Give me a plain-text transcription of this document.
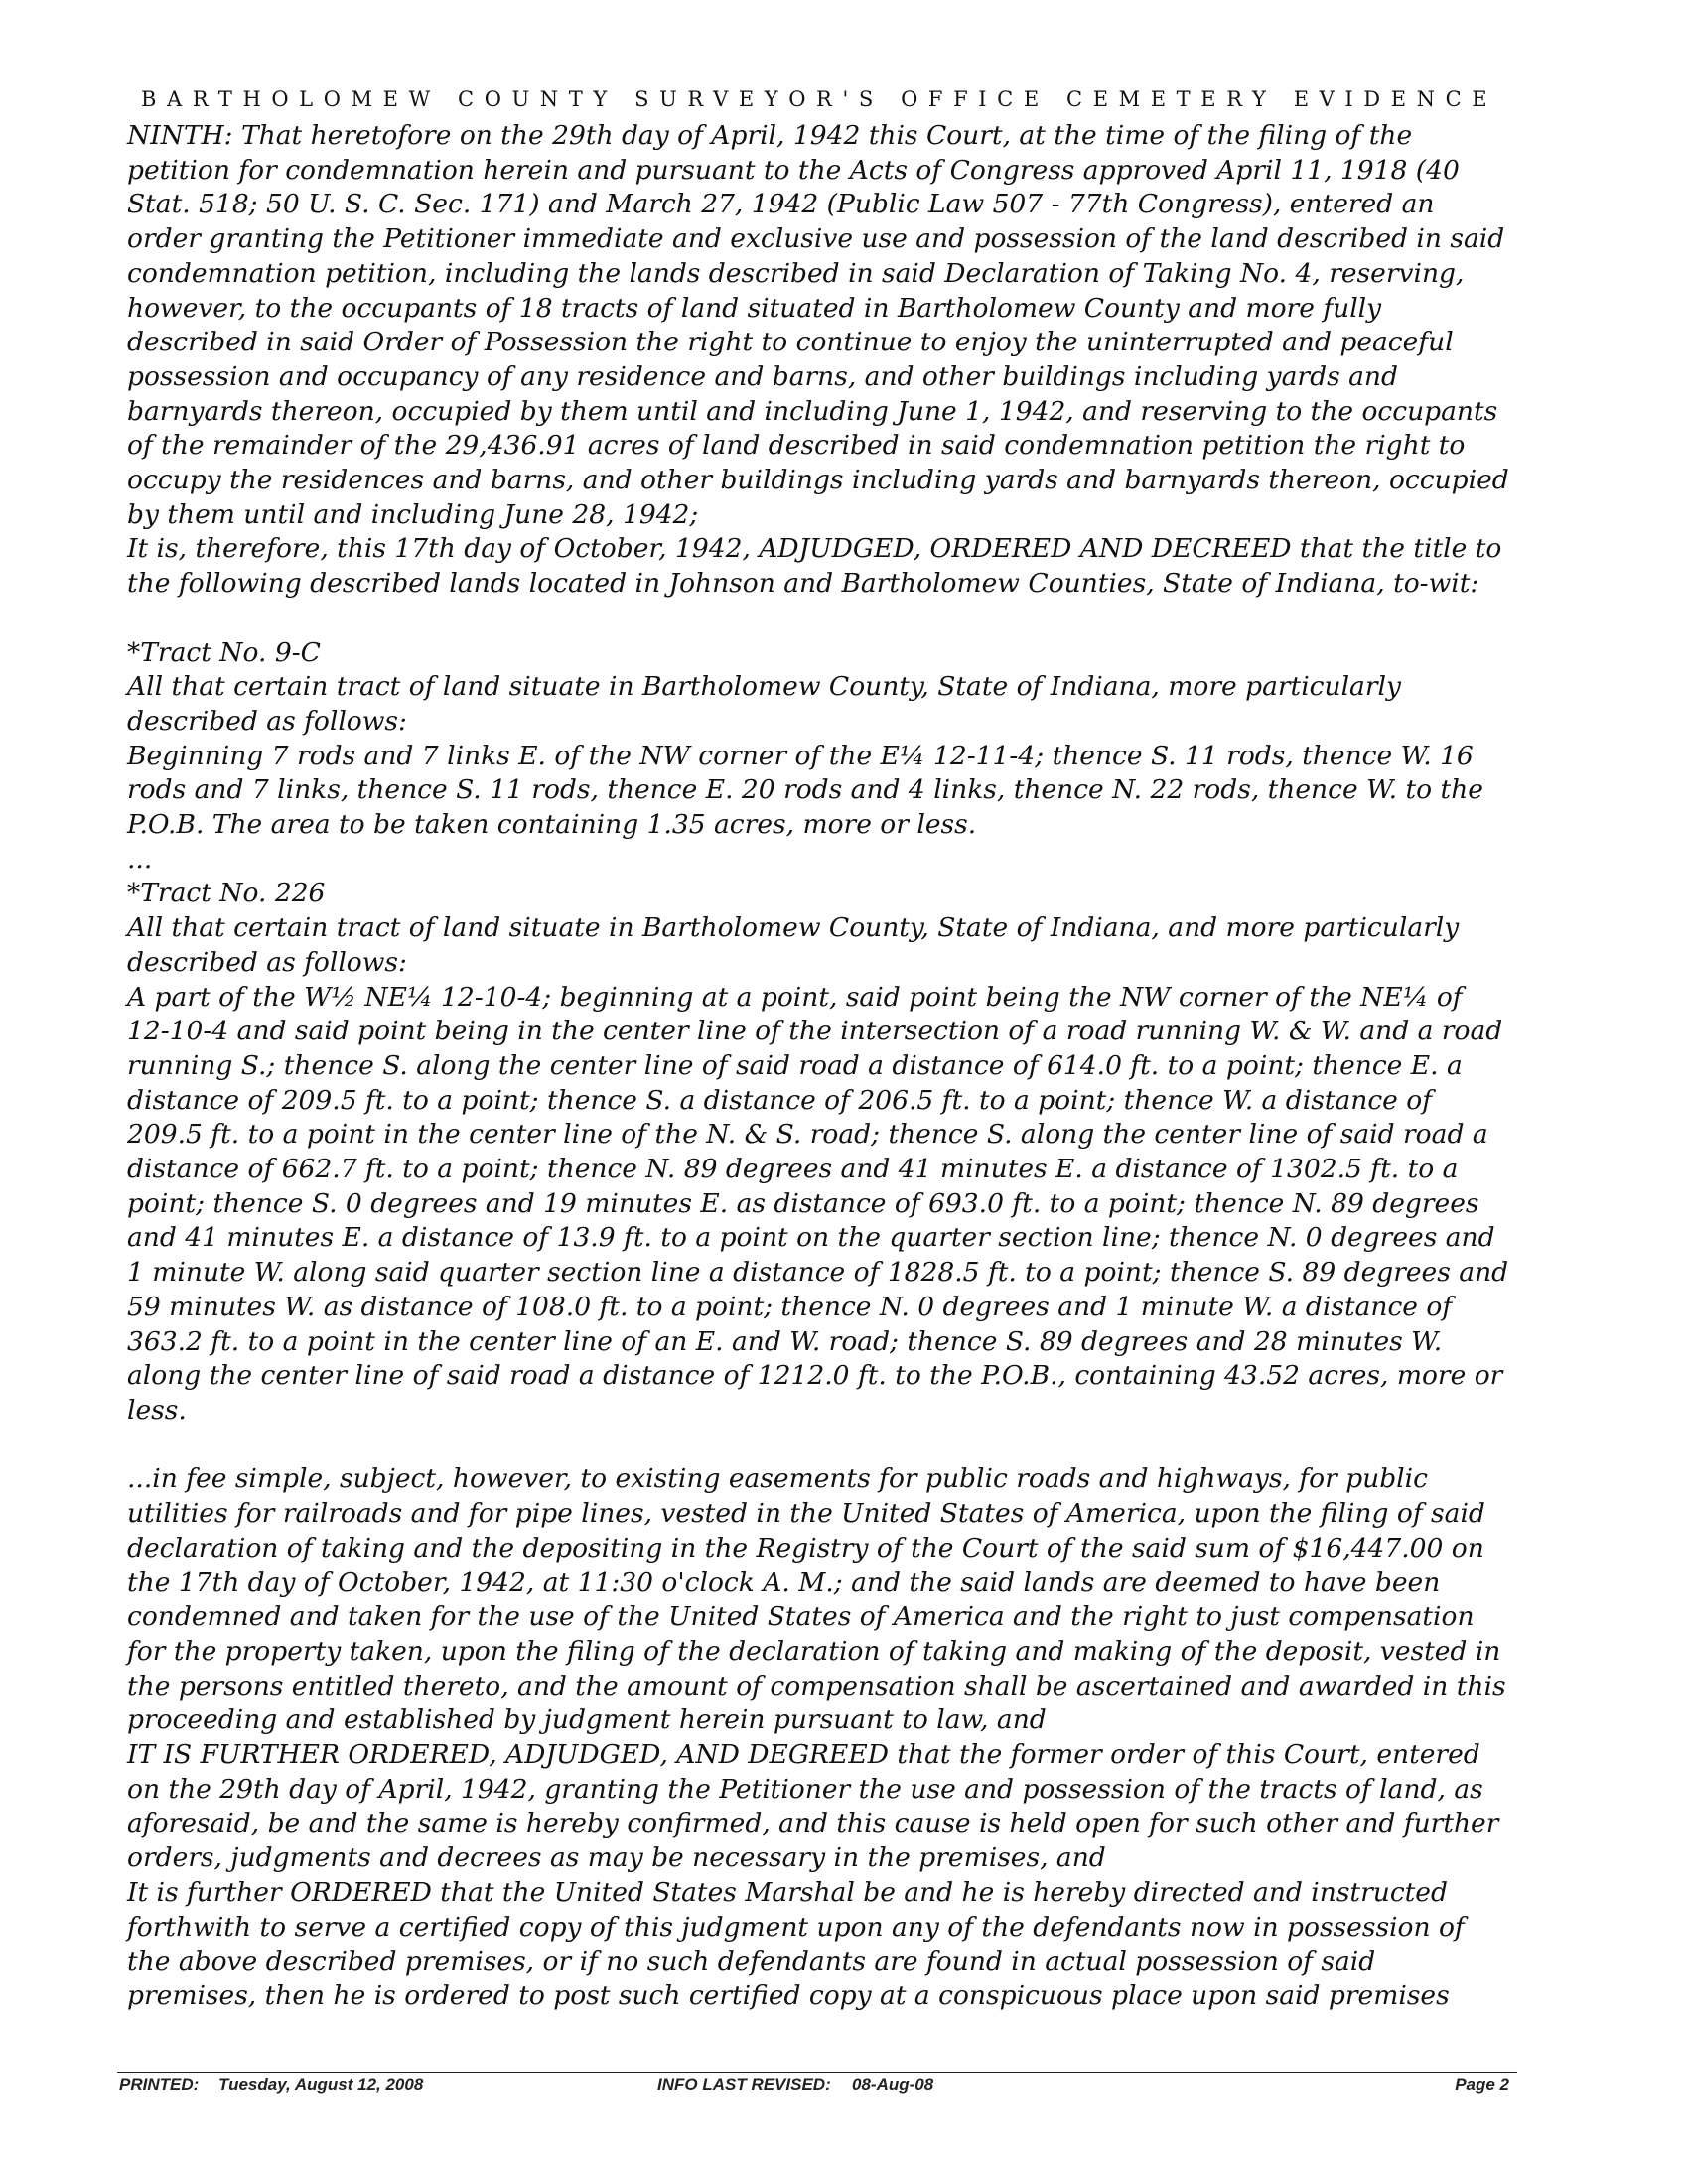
BARTHOLOMEW COUNTY SURVEYOR'S OFFICE CEMETERY EVIDENCE

NINTH: That heretofore on the 29th day of April, 1942 this Court, at the time of the filing of the petition for condemnation herein and pursuant to the Acts of Congress approved April 11, 1918 (40 Stat. 518; 50 U. S. C. Sec. 171) and March 27, 1942 (Public Law 507 - 77th Congress), entered an order granting the Petitioner immediate and exclusive use and possession of the land described in said condemnation petition, including the lands described in said Declaration of Taking No. 4, reserving, however, to the occupants of 18 tracts of land situated in Bartholomew County and more fully described in said Order of Possession the right to continue to enjoy the uninterrupted and peaceful possession and occupancy of any residence and barns, and other buildings including yards and barnyards thereon, occupied by them until and including June 1, 1942, and reserving to the occupants of the remainder of the 29,436.91 acres of land described in said condemnation petition the right to occupy the residences and barns, and other buildings including yards and barnyards thereon, occupied by them until and including June 28, 1942;

It is, therefore, this 17th day of October, 1942, ADJUDGED, ORDERED AND DECREED that the title to the following described lands located in Johnson and Bartholomew Counties, State of Indiana, to-wit:

*Tract No. 9-C

All that certain tract of land situate in Bartholomew County, State of Indiana, more particularly described as follows:

Beginning 7 rods and 7 links E. of the NW corner of the E¼ 12-11-4; thence S. 11 rods, thence W. 16 rods and 7 links, thence S. 11 rods, thence E. 20 rods and 4 links, thence N. 22 rods, thence W. to the P.O.B. The area to be taken containing 1.35 acres, more or less.

...

*Tract No. 226

All that certain tract of land situate in Bartholomew County, State of Indiana, and more particularly described as follows:

A part of the W½ NE¼ 12-10-4; beginning at a point, said point being the NW corner of the NE¼ of 12-10-4 and said point being in the center line of the intersection of a road running W. & W. and a road running S.; thence S. along the center line of said road a distance of 614.0 ft. to a point; thence E. a distance of 209.5 ft. to a point; thence S. a distance of 206.5 ft. to a point; thence W. a distance of 209.5 ft. to a point in the center line of the N. & S. road; thence S. along the center line of said road a distance of 662.7 ft. to a point; thence N. 89 degrees and 41 minutes E. a distance of 1302.5 ft. to a point; thence S. 0 degrees and 19 minutes E. as distance of 693.0 ft. to a point; thence N. 89 degrees and 41 minutes E. a distance of 13.9 ft. to a point on the quarter section line; thence N. 0 degrees and 1 minute W. along said quarter section line a distance of 1828.5 ft. to a point; thence S. 89 degrees and 59 minutes W. as distance of 108.0 ft. to a point; thence N. 0 degrees and 1 minute W. a distance of 363.2 ft. to a point in the center line of an E. and W. road; thence S. 89 degrees and 28 minutes W. along the center line of said road a distance of 1212.0 ft. to the P.O.B., containing 43.52 acres, more or less.

...in fee simple, subject, however, to existing easements for public roads and highways, for public utilities for railroads and for pipe lines, vested in the United States of America, upon the filing of said declaration of taking and the depositing in the Registry of the Court of the said sum of $16,447.00 on the 17th day of October, 1942, at 11:30 o'clock A. M.; and the said lands are deemed to have been condemned and taken for the use of the United States of America and the right to just compensation for the property taken, upon the filing of the declaration of taking and making of the deposit, vested in the persons entitled thereto, and the amount of compensation shall be ascertained and awarded in this proceeding and established by judgment herein pursuant to law, and

IT IS FURTHER ORDERED, ADJUDGED, AND DEGREED that the former order of this Court, entered on the 29th day of April, 1942, granting the Petitioner the use and possession of the tracts of land, as aforesaid, be and the same is hereby confirmed, and this cause is held open for such other and further orders, judgments and decrees as may be necessary in the premises, and

It is further ORDERED that the United States Marshal be and he is hereby directed and instructed forthwith to serve a certified copy of this judgment upon any of the defendants now in possession of the above described premises, or if no such defendants are found in actual possession of said premises, then he is ordered to post such certified copy at a conspicuous place upon said premises

PRINTED: Tuesday, August 12, 2008	INFO LAST REVISED: 08-Aug-08	Page 2
